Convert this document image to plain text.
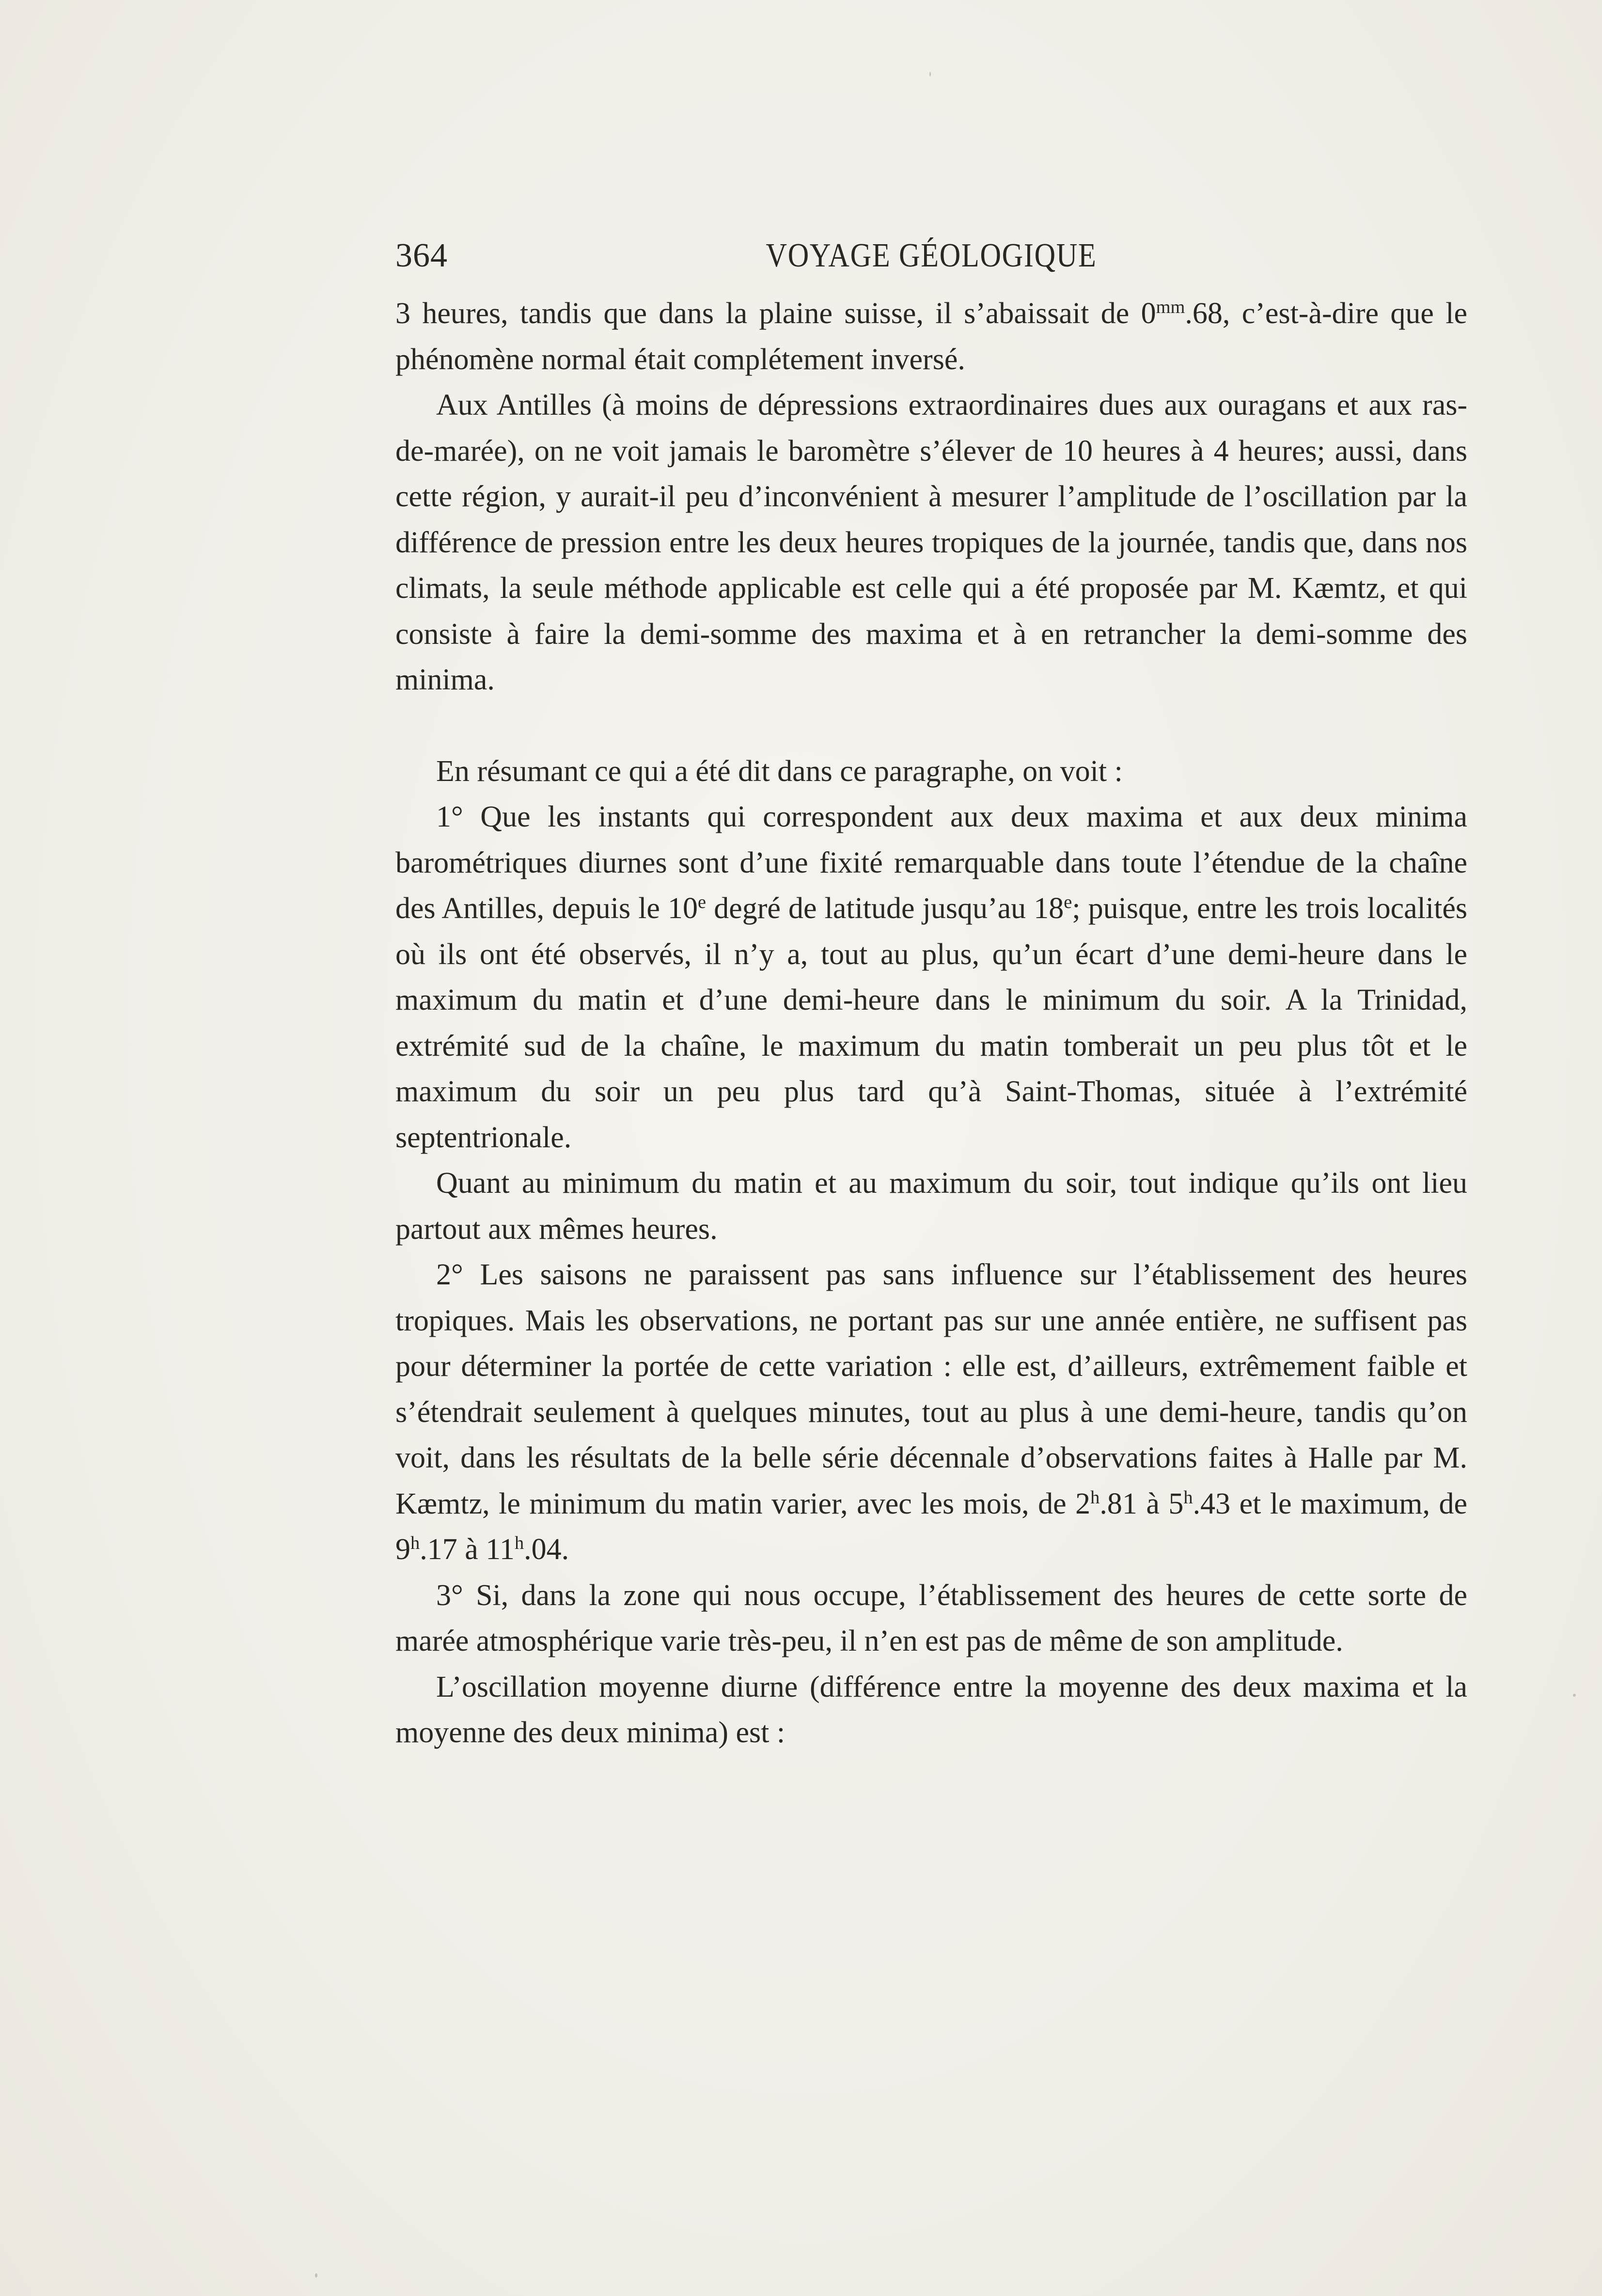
364	VOYAGE GÉOLOGIQUE

3 heures, tandis que dans la plaine suisse, il s’abaissait de $0^{mm}.68$, c’est-à-dire que le phénomène normal était complétement inversé.

Aux Antilles (à moins de dépressions extraordinaires dues aux ouragans et aux ras-de-marée), on ne voit jamais le baromètre s’élever de 10 heures à 4 heures; aussi, dans cette région, y aurait-il peu d’inconvénient à mesurer l’amplitude de l’oscillation par la différence de pression entre les deux heures tropiques de la journée, tandis que, dans nos climats, la seule méthode applicable est celle qui a été proposée par M. Kæmtz, et qui consiste à faire la demi-somme des maxima et à en retrancher la demi-somme des minima.

En résumant ce qui a été dit dans ce paragraphe, on voit :

1° Que les instants qui correspondent aux deux maxima et aux deux minima barométriques diurnes sont d’une fixité remarquable dans toute l’étendue de la chaîne des Antilles, depuis le 10e degré de latitude jusqu’au 18e; puisque, entre les trois localités où ils ont été observés, il n’y a, tout au plus, qu’un écart d’une demi-heure dans le maximum du matin et d’une demi-heure dans le minimum du soir. A la Trinidad, extrémité sud de la chaîne, le maximum du matin tomberait un peu plus tôt et le maximum du soir un peu plus tard qu’à Saint-Thomas, située à l’extrémité septentrionale.

Quant au minimum du matin et au maximum du soir, tout indique qu’ils ont lieu partout aux mêmes heures.

2° Les saisons ne paraissent pas sans influence sur l’établissement des heures tropiques. Mais les observations, ne portant pas sur une année entière, ne suffisent pas pour déterminer la portée de cette variation : elle est, d’ailleurs, extrêmement faible et s’étendrait seulement à quelques minutes, tout au plus à une demi-heure, tandis qu’on voit, dans les résultats de la belle série décennale d’observations faites à Halle par M. Kæmtz, le minimum du matin varier, avec les mois, de 2$^h$.81 à 5$^h$.43 et le maximum, de 9$^h$.17 à 11$^h$.04.

3° Si, dans la zone qui nous occupe, l’établissement des heures de cette sorte de marée atmosphérique varie très-peu, il n’en est pas de même de son amplitude.

L’oscillation moyenne diurne (différence entre la moyenne des deux maxima et la moyenne des deux minima) est :
